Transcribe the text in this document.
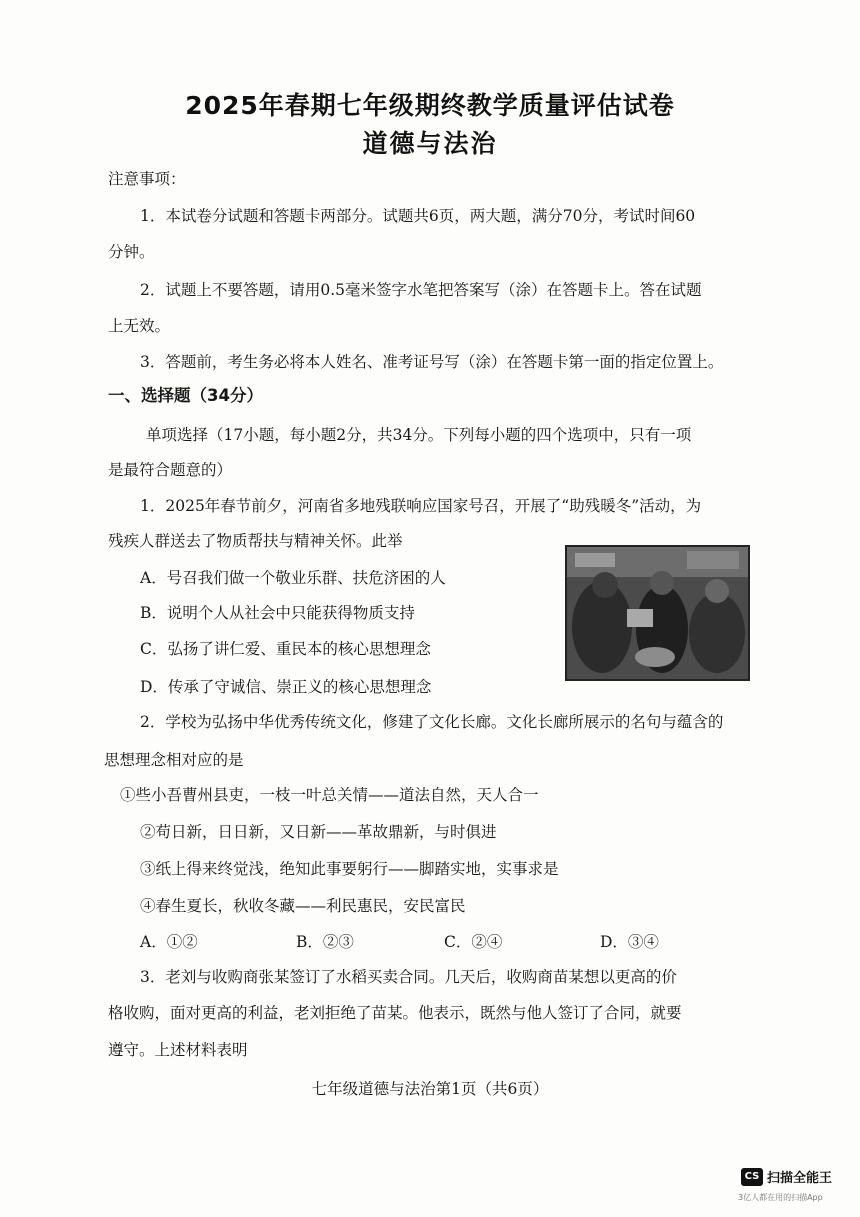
2025年春期七年级期终教学质量评估试卷
道德与法治
注意事项：
1．本试卷分试题和答题卡两部分。试题共6页，两大题，满分70分，考试时间60
分钟。
2．试题上不要答题，请用0.5毫米签字水笔把答案写（涂）在答题卡上。答在试题
上无效。
3．答题前，考生务必将本人姓名、准考证号写（涂）在答题卡第一面的指定位置上。
一、选择题（34分）
单项选择（17小题，每小题2分，共34分。下列每小题的四个选项中，只有一项
是最符合题意的）
1．2025年春节前夕，河南省多地残联响应国家号召，开展了“助残暖冬”活动，为
残疾人群送去了物质帮扶与精神关怀。此举
A．号召我们做一个敬业乐群、扶危济困的人
B．说明个人从社会中只能获得物质支持
C．弘扬了讲仁爱、重民本的核心思想理念
D．传承了守诚信、崇正义的核心思想理念
2．学校为弘扬中华优秀传统文化，修建了文化长廊。文化长廊所展示的名句与蕴含的
思想理念相对应的是
①些小吾曹州县吏，一枝一叶总关情——道法自然，天人合一
②苟日新，日日新，又日新——革故鼎新，与时俱进
③纸上得来终觉浅，绝知此事要躬行——脚踏实地，实事求是
④春生夏长，秋收冬藏——利民惠民，安民富民
A．①②	B．②③	C．②④	D．③④
3．老刘与收购商张某签订了水稻买卖合同。几天后，收购商苗某想以更高的价
格收购，面对更高的利益，老刘拒绝了苗某。他表示，既然与他人签订了合同，就要
遵守。上述材料表明
七年级道德与法治第1页（共6页）
CS 扫描全能王
3亿人都在用的扫描App
